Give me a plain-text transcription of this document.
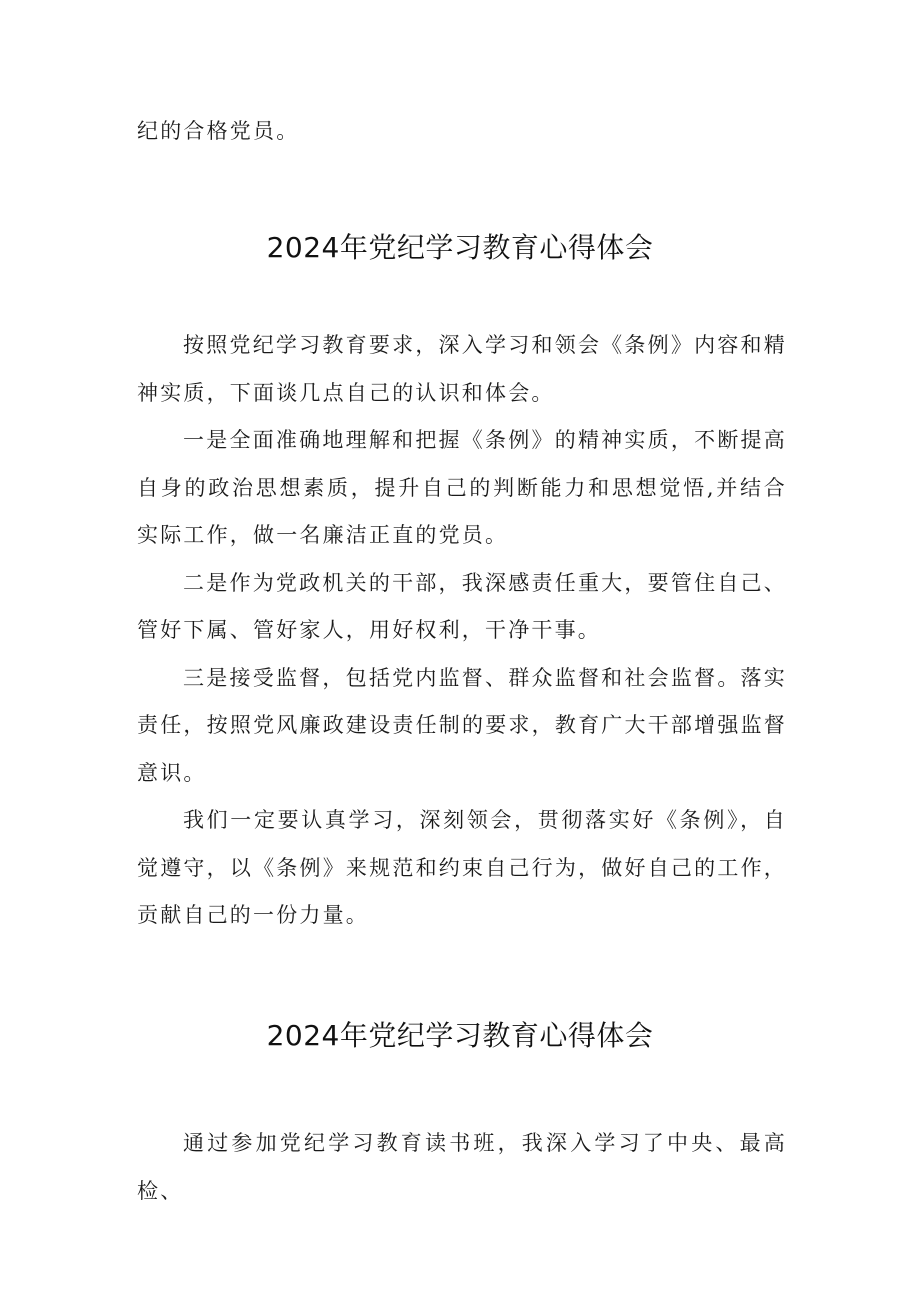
纪的合格党员。

2024年党纪学习教育心得体会

按照党纪学习教育要求，深入学习和领会《条例》内容和精神实质，下面谈几点自己的认识和体会。

一是全面准确地理解和把握《条例》的精神实质，不断提高自身的政治思想素质，提升自己的判断能力和思想觉悟,并结合实际工作，做一名廉洁正直的党员。

二是作为党政机关的干部，我深感责任重大，要管住自己、管好下属、管好家人，用好权利，干净干事。

三是接受监督，包括党内监督、群众监督和社会监督。落实责任，按照党风廉政建设责任制的要求，教育广大干部增强监督意识。

我们一定要认真学习，深刻领会，贯彻落实好《条例》，自觉遵守，以《条例》来规范和约束自己行为，做好自己的工作，贡献自己的一份力量。

2024年党纪学习教育心得体会

通过参加党纪学习教育读书班，我深入学习了中央、最高检、
